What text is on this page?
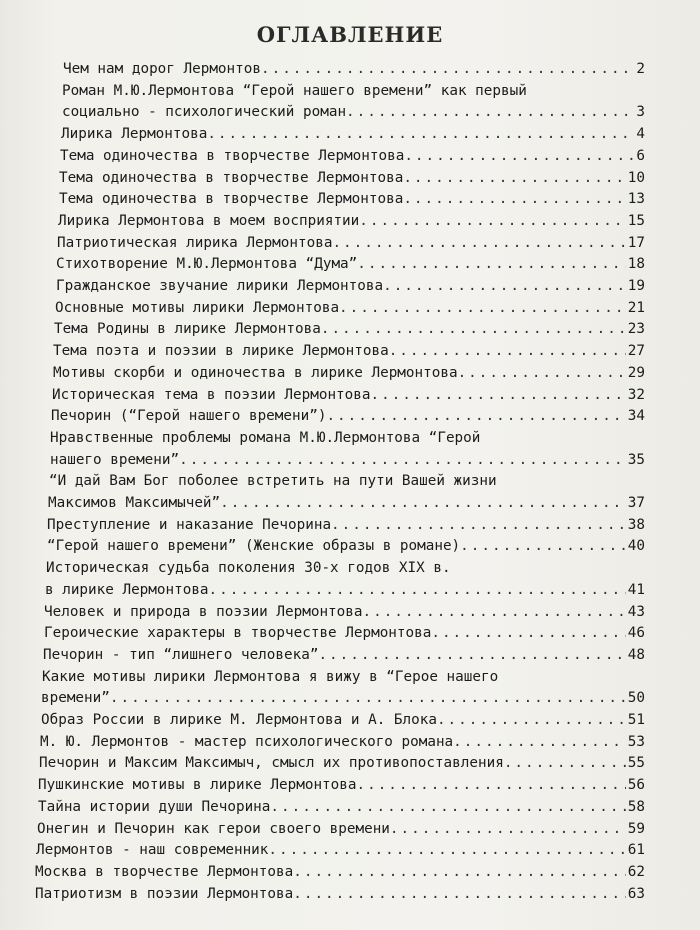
ОГЛАВЛЕНИЕ
Чем нам дорог Лермонтов .....	2
Роман М.Ю.Лермонтова “Герой нашего времени” как первый
социально - психологический роман .....	3
Лирика Лермонтова .....	4
Тема одиночества в творчестве Лермонтова .....	6
Тема одиночества в творчестве Лермонтова .....	10
Тема одиночества в творчестве Лермонтова .....	13
Лирика Лермонтова в моем восприятии .....	15
Патриотическая лирика Лермонтова .....	17
Стихотворение М.Ю.Лермонтова “Дума” .....	18
Гражданское звучание лирики Лермонтова .....	19
Основные мотивы лирики Лермонтова .....	21
Тема Родины в лирике Лермонтова .....	23
Тема поэта и поэзии в лирике Лермонтова .....	27
Мотивы скорби и одиночества в лирике Лермонтова .....	29
Историческая тема в поэзии Лермонтова .....	32
Печорин (“Герой нашего времени”) .....	34
Нравственные проблемы романа М.Ю.Лермонтова “Герой
нашего времени” .....	35
“И дай Вам Бог поболее встретить на пути Вашей жизни
Максимов Максимычей” .....	37
Преступление и наказание Печорина .....	38
“Герой нашего времени” (Женские образы в романе) .....	40
Историческая судьба поколения 30-х годов XIX в.
в лирике Лермонтова .....	41
Человек и природа в поэзии Лермонтова .....	43
Героические характеры в творчестве Лермонтова .....	46
Печорин - тип “лишнего человека” .....	48
Какие мотивы лирики Лермонтова я вижу в “Герое нашего
времени” .....	50
Образ России в лирике М. Лермонтова и А. Блока .....	51
М. Ю. Лермонтов - мастер психологического романа .....	53
Печорин и Максим Максимыч, смысл их противопоставления .....	55
Пушкинские мотивы в лирике Лермонтова .....	56
Тайна истории души Печорина .....	58
Онегин и Печорин как герои своего времени .....	59
Лермонтов - наш современник .....	61
Москва в творчестве Лермонтова .....	62
Патриотизм в поэзии Лермонтова .....	63
